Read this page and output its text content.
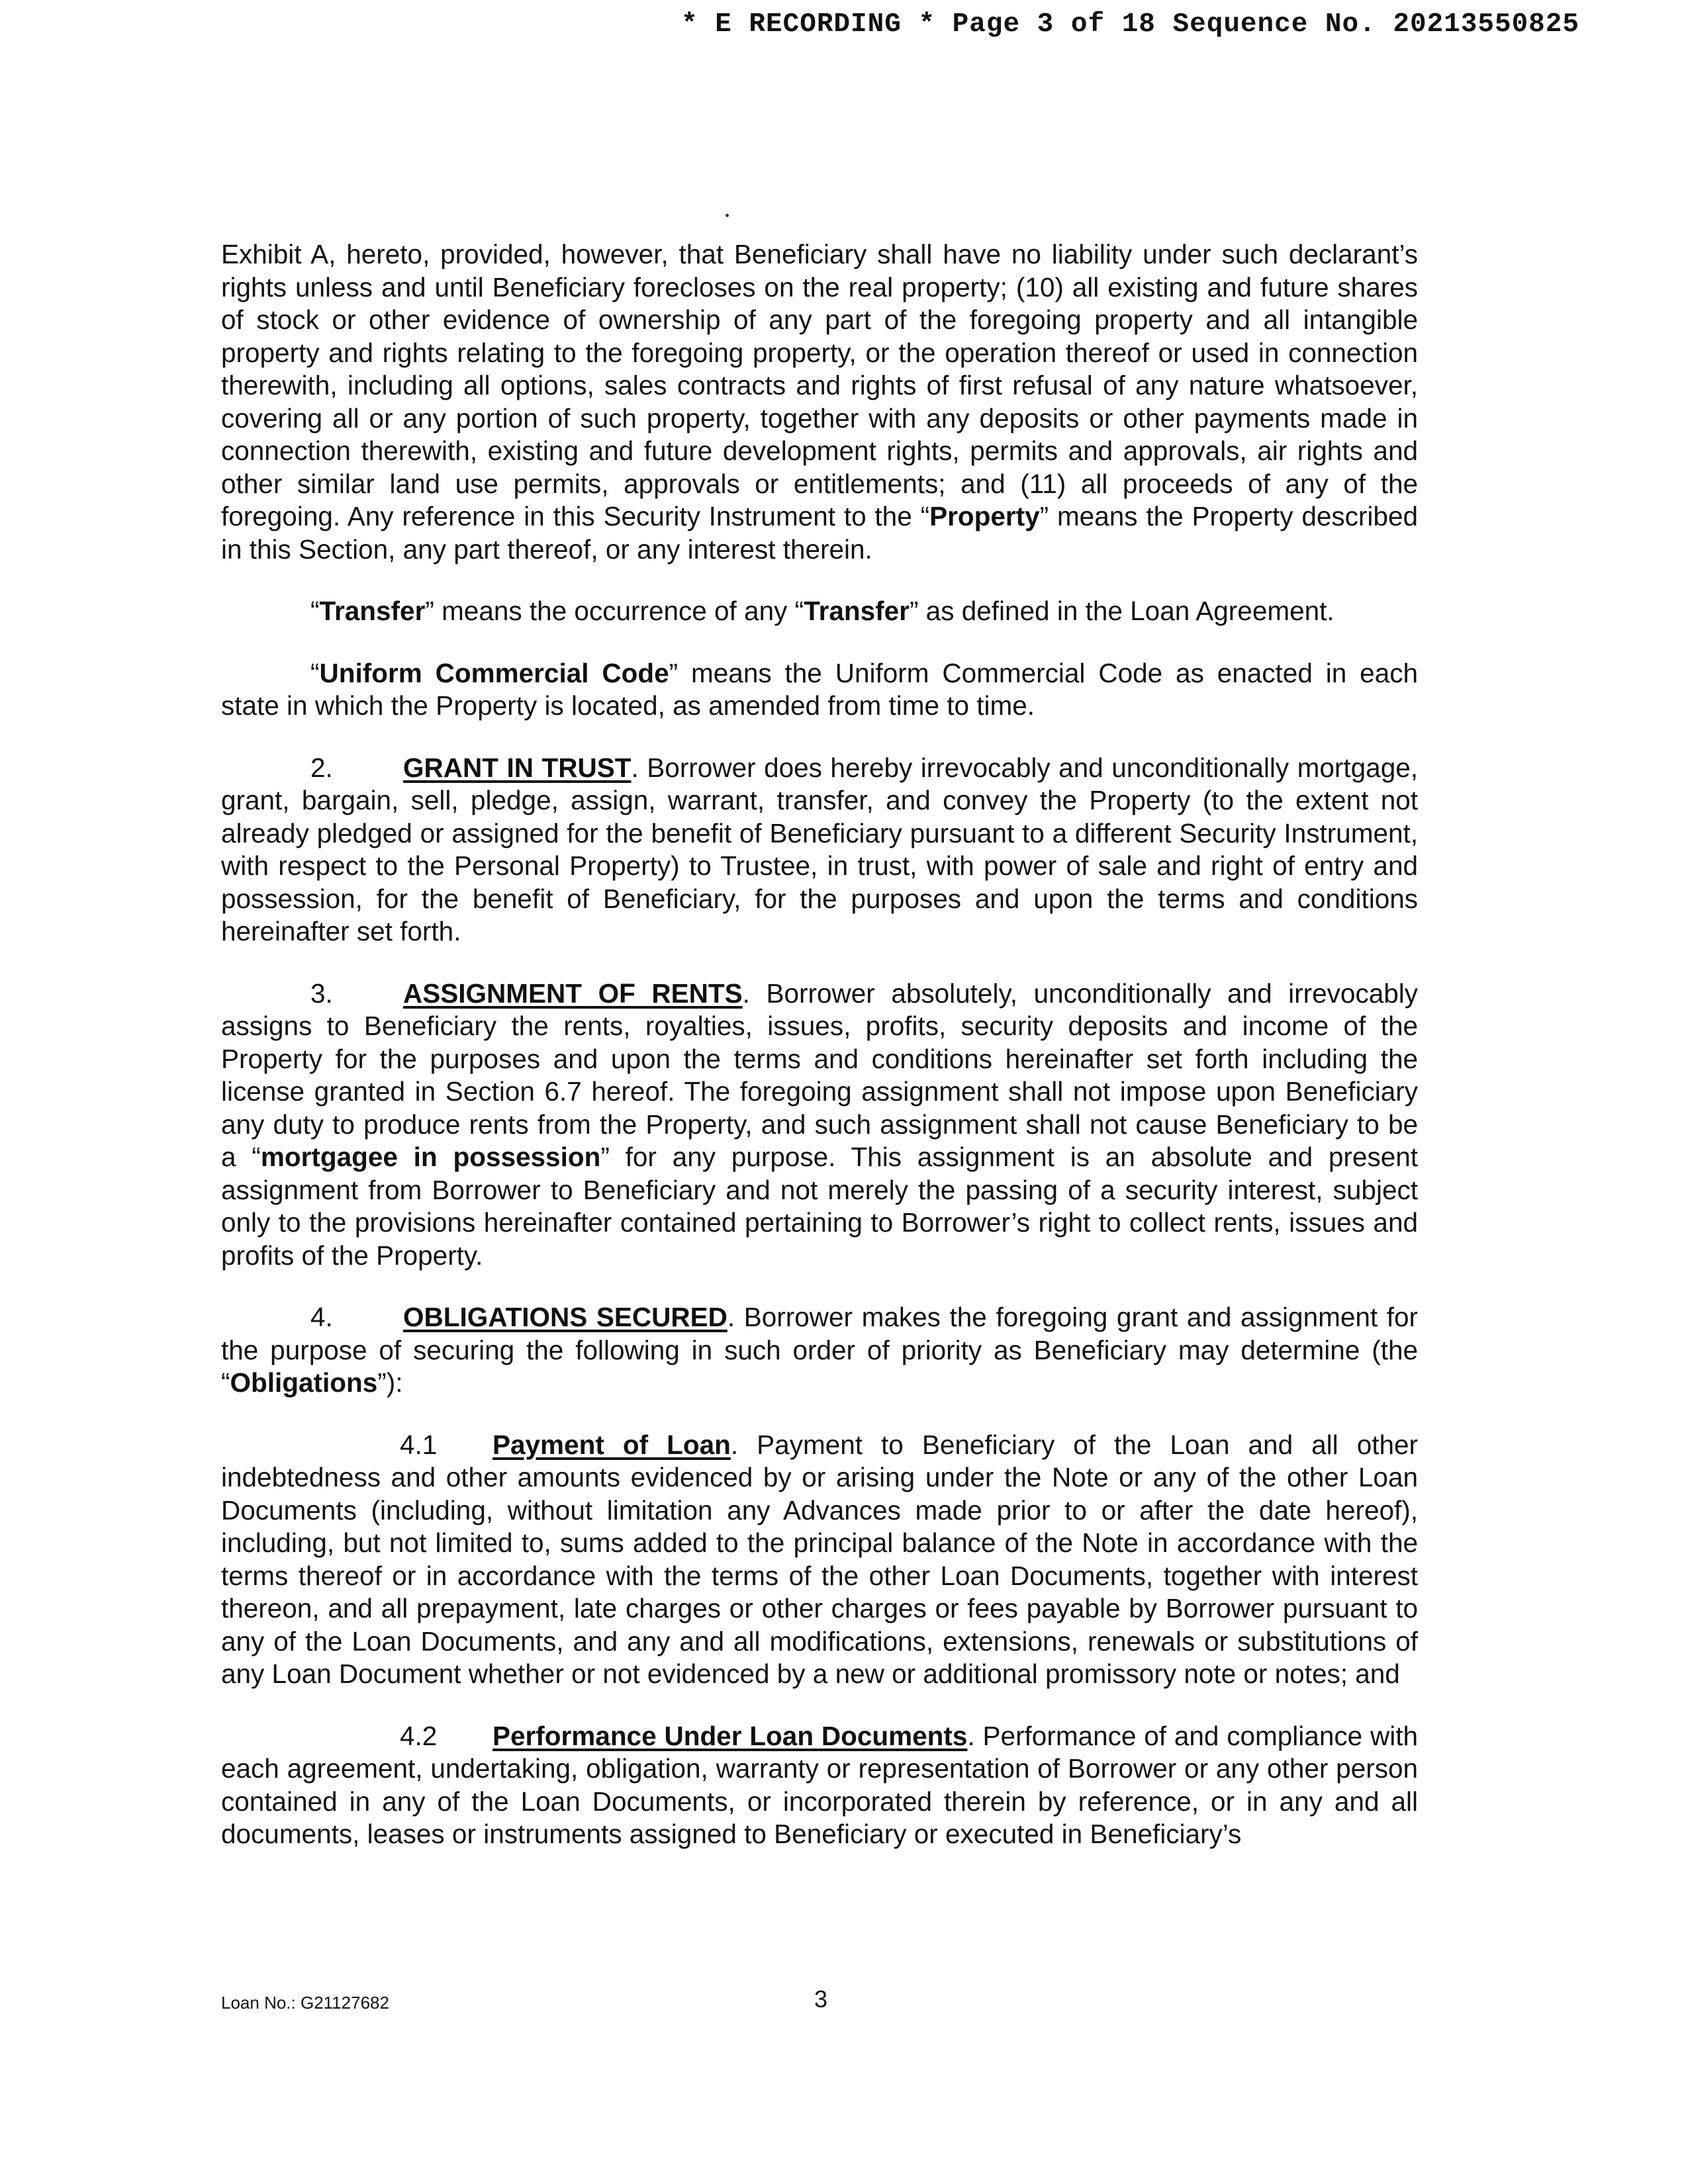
* E RECORDING * Page 3 of 18 Sequence No. 20213550825

Exhibit A, hereto, provided, however, that Beneficiary shall have no liability under such declarant’s rights unless and until Beneficiary forecloses on the real property; (10) all existing and future shares of stock or other evidence of ownership of any part of the foregoing property and all intangible property and rights relating to the foregoing property, or the operation thereof or used in connection therewith, including all options, sales contracts and rights of first refusal of any nature whatsoever, covering all or any portion of such property, together with any deposits or other payments made in connection therewith, existing and future development rights, permits and approvals, air rights and other similar land use permits, approvals or entitlements; and (11) all proceeds of any of the foregoing. Any reference in this Security Instrument to the “Property” means the Property described in this Section, any part thereof, or any interest therein.

“Transfer” means the occurrence of any “Transfer” as defined in the Loan Agreement.

“Uniform Commercial Code” means the Uniform Commercial Code as enacted in each state in which the Property is located, as amended from time to time.

2.	GRANT IN TRUST. Borrower does hereby irrevocably and unconditionally mortgage, grant, bargain, sell, pledge, assign, warrant, transfer, and convey the Property (to the extent not already pledged or assigned for the benefit of Beneficiary pursuant to a different Security Instrument, with respect to the Personal Property) to Trustee, in trust, with power of sale and right of entry and possession, for the benefit of Beneficiary, for the purposes and upon the terms and conditions hereinafter set forth.

3.	ASSIGNMENT OF RENTS. Borrower absolutely, unconditionally and irrevocably assigns to Beneficiary the rents, royalties, issues, profits, security deposits and income of the Property for the purposes and upon the terms and conditions hereinafter set forth including the license granted in Section 6.7 hereof. The foregoing assignment shall not impose upon Beneficiary any duty to produce rents from the Property, and such assignment shall not cause Beneficiary to be a “mortgagee in possession” for any purpose. This assignment is an absolute and present assignment from Borrower to Beneficiary and not merely the passing of a security interest, subject only to the provisions hereinafter contained pertaining to Borrower’s right to collect rents, issues and profits of the Property.

4.	OBLIGATIONS SECURED. Borrower makes the foregoing grant and assignment for the purpose of securing the following in such order of priority as Beneficiary may determine (the “Obligations”):

4.1 Payment of Loan. Payment to Beneficiary of the Loan and all other indebtedness and other amounts evidenced by or arising under the Note or any of the other Loan Documents (including, without limitation any Advances made prior to or after the date hereof), including, but not limited to, sums added to the principal balance of the Note in accordance with the terms thereof or in accordance with the terms of the other Loan Documents, together with interest thereon, and all prepayment, late charges or other charges or fees payable by Borrower pursuant to any of the Loan Documents, and any and all modifications, extensions, renewals or substitutions of any Loan Document whether or not evidenced by a new or additional promissory note or notes; and

4.2 Performance Under Loan Documents. Performance of and compliance with each agreement, undertaking, obligation, warranty or representation of Borrower or any other person contained in any of the Loan Documents, or incorporated therein by reference, or in any and all documents, leases or instruments assigned to Beneficiary or executed in Beneficiary’s

Loan No.: G21127682	3
